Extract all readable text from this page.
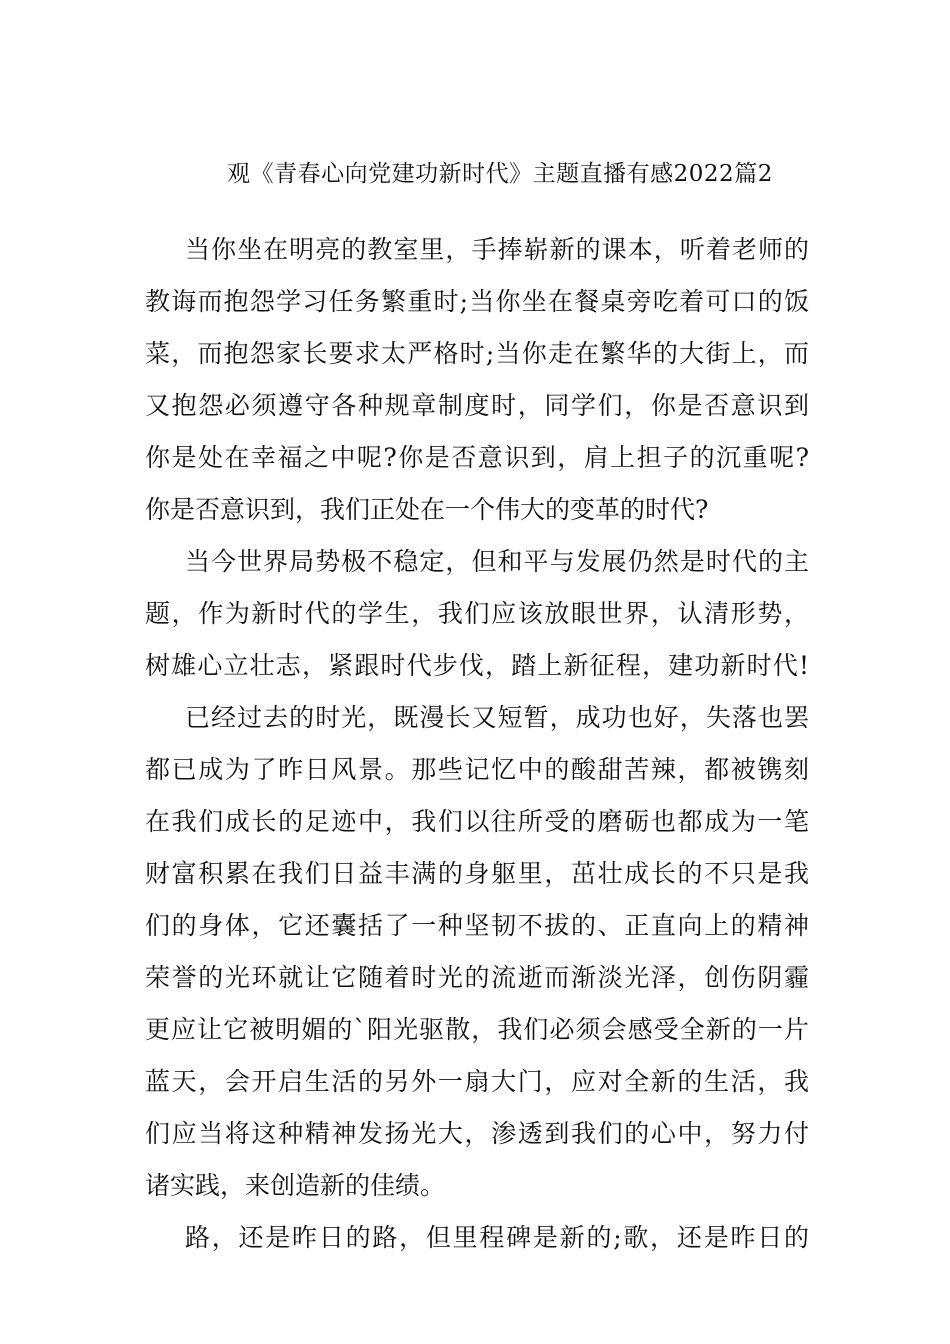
观《青春心向党建功新时代》主题直播有感2022篇2
当你坐在明亮的教室里，手捧崭新的课本，听着老师的
教诲而抱怨学习任务繁重时;当你坐在餐桌旁吃着可口的饭
菜，而抱怨家长要求太严格时;当你走在繁华的大街上，而
又抱怨必须遵守各种规章制度时，同学们，你是否意识到
你是处在幸福之中呢?你是否意识到，肩上担子的沉重呢?
你是否意识到，我们正处在一个伟大的变革的时代?
当今世界局势极不稳定，但和平与发展仍然是时代的主
题，作为新时代的学生，我们应该放眼世界，认清形势，
树雄心立壮志，紧跟时代步伐，踏上新征程，建功新时代!
已经过去的时光，既漫长又短暂，成功也好，失落也罢
都已成为了昨日风景。那些记忆中的酸甜苦辣，都被镌刻
在我们成长的足迹中，我们以往所受的磨砺也都成为一笔
财富积累在我们日益丰满的身躯里，茁壮成长的不只是我
们的身体，它还囊括了一种坚韧不拔的、正直向上的精神
荣誉的光环就让它随着时光的流逝而渐淡光泽，创伤阴霾
更应让它被明媚的`阳光驱散，我们必须会感受全新的一片
蓝天，会开启生活的另外一扇大门，应对全新的生活，我
们应当将这种精神发扬光大，渗透到我们的心中，努力付
诸实践，来创造新的佳绩。
路，还是昨日的路，但里程碑是新的;歌，还是昨日的
